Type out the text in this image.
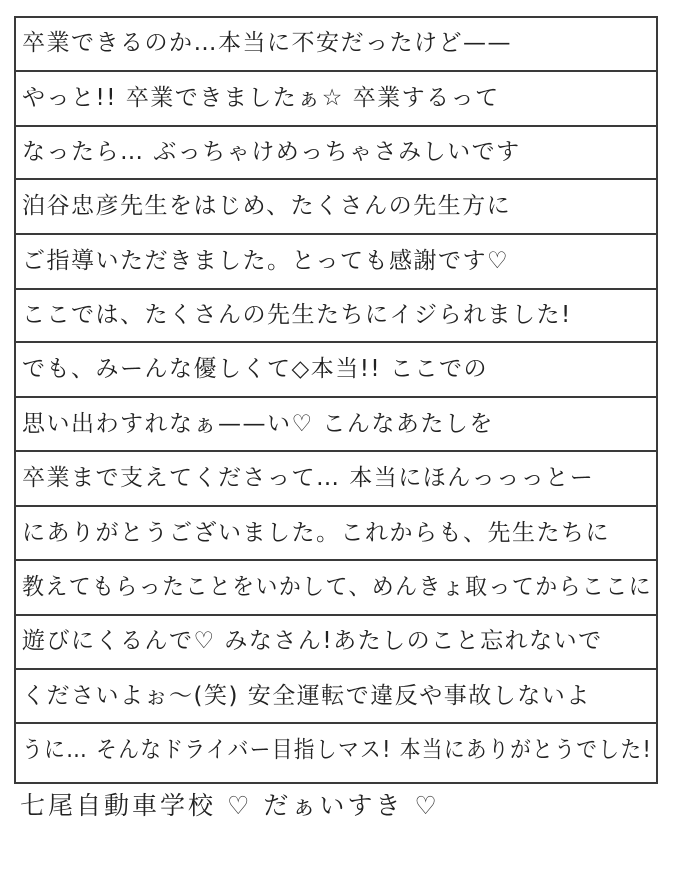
卒業できるのか…本当に不安だったけど——
やっと!! 卒業できましたぁ☆ 卒業するって
なったら… ぶっちゃけめっちゃさみしいです
泊谷忠彦先生をはじめ、たくさんの先生方に
ご指導いただきました。とっても感謝です♡
ここでは、たくさんの先生たちにイジられました!
でも、みーんな優しくて◇本当!! ここでの
思い出わすれなぁ——い♡ こんなあたしを
卒業まで支えてくださって… 本当にほんっっっとー
にありがとうございました。これからも、先生たちに
教えてもらったことをいかして、めんきょ取ってからここに
遊びにくるんで♡ みなさん!あたしのこと忘れないで
くださいよぉ〜(笑) 安全運転で違反や事故しないよ
うに… そんなドライバー目指しマス! 本当にありがとうでした!
七尾自動車学校 ♡ だぁいすき ♡
